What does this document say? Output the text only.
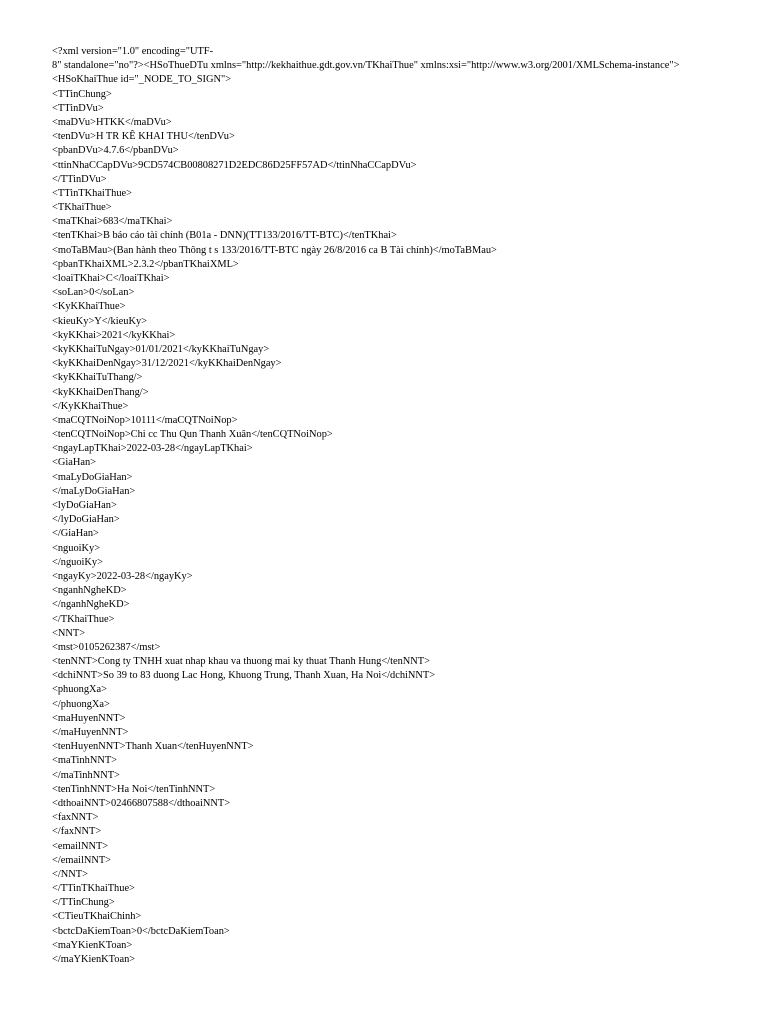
<?xml version="1.0" encoding="UTF-
8" standalone="no"?><HSoThueDTu xmlns="http://kekhaithue.gdt.gov.vn/TKhaiThue" xmlns:xsi="http://www.w3.org/2001/XMLSchema-instance">
<HSoKhaiThue id="_NODE_TO_SIGN">
<TTinChung>
<TTinDVu>
<maDVu>HTKK</maDVu>
<tenDVu>H TR KÊ KHAI THU</tenDVu>
<pbanDVu>4.7.6</pbanDVu>
<ttinNhaCCapDVu>9CD574CB00808271D2EDC86D25FF57AD</ttinNhaCCapDVu>
</TTinDVu>
<TTinTKhaiThue>
<TKhaiThue>
<maTKhai>683</maTKhai>
<tenTKhai>B báo cáo tài chính (B01a - DNN)(TT133/2016/TT-BTC)</tenTKhai>
<moTaBMau>(Ban hành theo Thông t s 133/2016/TT-BTC ngày 26/8/2016 ca B Tài chính)</moTaBMau>
<pbanTKhaiXML>2.3.2</pbanTKhaiXML>
<loaiTKhai>C</loaiTKhai>
<soLan>0</soLan>
<KyKKhaiThue>
<kieuKy>Y</kieuKy>
<kyKKhai>2021</kyKKhai>
<kyKKhaiTuNgay>01/01/2021</kyKKhaiTuNgay>
<kyKKhaiDenNgay>31/12/2021</kyKKhaiDenNgay>
<kyKKhaiTuThang/>
<kyKKhaiDenThang/>
</KyKKhaiThue>
<maCQTNoiNop>10111</maCQTNoiNop>
<tenCQTNoiNop>Chi cc Thu Qun Thanh Xuân</tenCQTNoiNop>
<ngayLapTKhai>2022-03-28</ngayLapTKhai>
<GiaHan>
<maLyDoGiaHan>
</maLyDoGiaHan>
<lyDoGiaHan>
</lyDoGiaHan>
</GiaHan>
<nguoiKy>
</nguoiKy>
<ngayKy>2022-03-28</ngayKy>
<nganhNgheKD>
</nganhNgheKD>
</TKhaiThue>
<NNT>
<mst>0105262387</mst>
<tenNNT>Cong ty TNHH xuat nhap khau va thuong mai ky thuat Thanh Hung</tenNNT>
<dchiNNT>So 39 to 83 duong Lac Hong, Khuong Trung, Thanh Xuan, Ha Noi</dchiNNT>
<phuongXa>
</phuongXa>
<maHuyenNNT>
</maHuyenNNT>
<tenHuyenNNT>Thanh Xuan</tenHuyenNNT>
<maTinhNNT>
</maTinhNNT>
<tenTinhNNT>Ha Noi</tenTinhNNT>
<dthoaiNNT>02466807588</dthoaiNNT>
<faxNNT>
</faxNNT>
<emailNNT>
</emailNNT>
</NNT>
</TTinTKhaiThue>
</TTinChung>
<CTieuTKhaiChinh>
<bctcDaKiemToan>0</bctcDaKiemToan>
<maYKienKToan>
</maYKienKToan>
